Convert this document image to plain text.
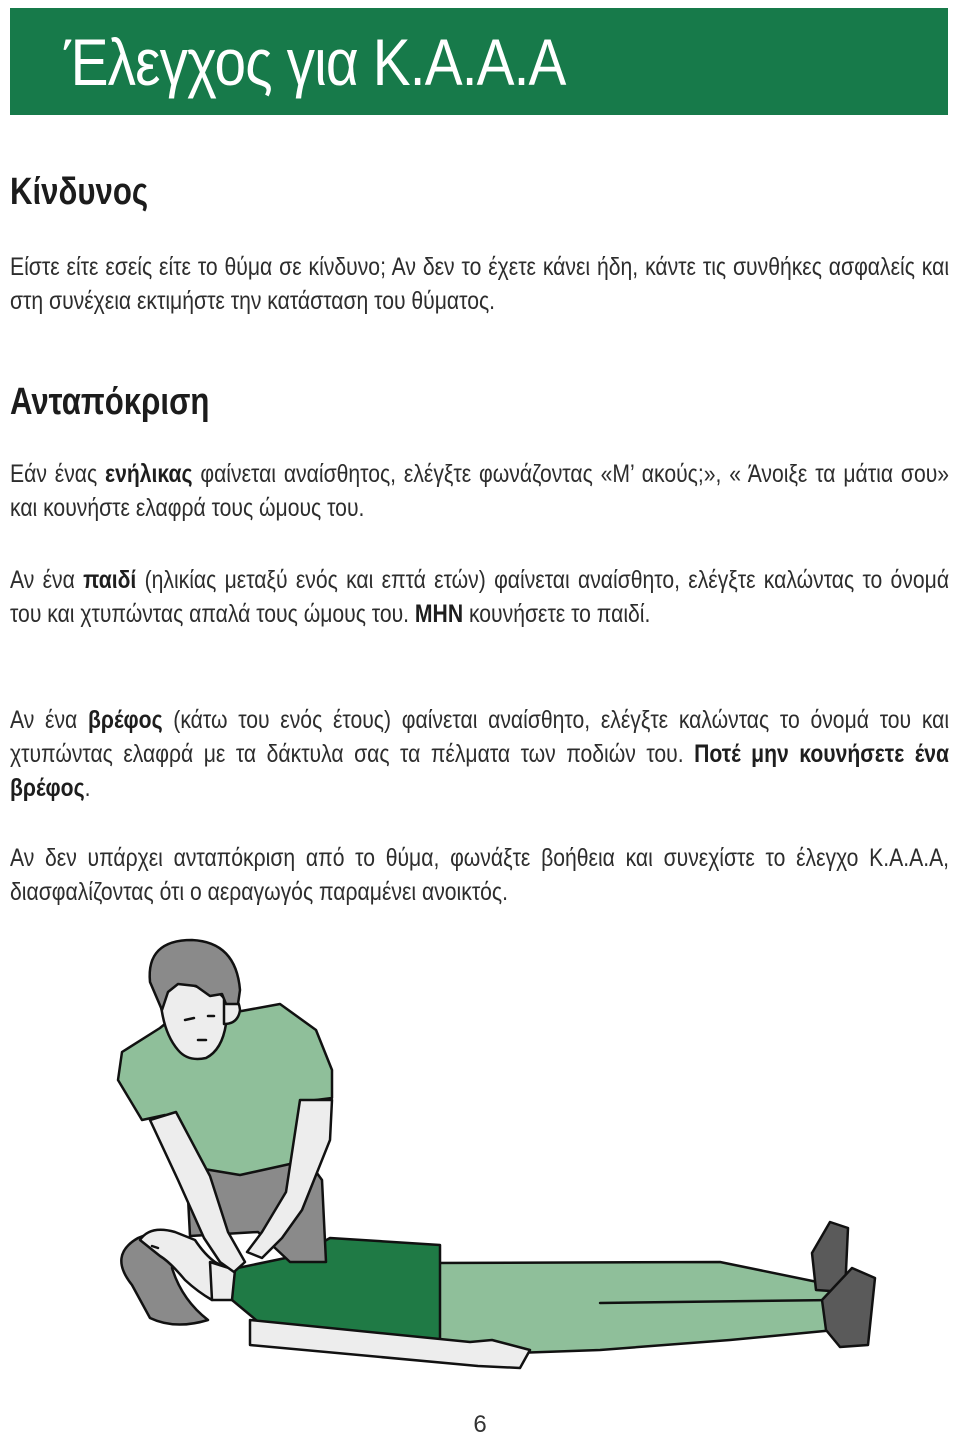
Έλεγχος για Κ.Α.Α.Α
Κίνδυνος

Είστε είτε εσείς είτε το θύμα σε κίνδυνο; Αν δεν το έχετε κάνει ήδη, κάντε τις συνθήκες ασφαλείς και στη συνέχεια εκτιμήστε την κατάσταση του θύματος.

Ανταπόκριση

Εάν ένας ενήλικας φαίνεται αναίσθητος, ελέγξτε φωνάζοντας «Μ’ ακούς;», « Άνοιξε τα μάτια σου» και κουνήστε ελαφρά τους ώμους του.

Αν ένα παιδί (ηλικίας μεταξύ ενός και επτά ετών) φαίνεται αναίσθητο, ελέγξτε καλώντας το όνομά του και χτυπώντας απαλά τους ώμους του. ΜΗΝ κουνήσετε το παιδί.

Αν ένα βρέφος (κάτω του ενός έτους) φαίνεται αναίσθητο, ελέγξτε καλώντας το όνομά του και χτυπώντας ελαφρά με τα δάκτυλα σας τα πέλματα των ποδιών του. Ποτέ μην κουνήσετε ένα βρέφος.

Αν δεν υπάρχει ανταπόκριση από το θύμα, φωνάξτε βοήθεια και συνεχίστε το έλεγχο Κ.Α.Α.Α, διασφαλίζοντας ότι ο αεραγωγός παραμένει ανοικτός.

6
